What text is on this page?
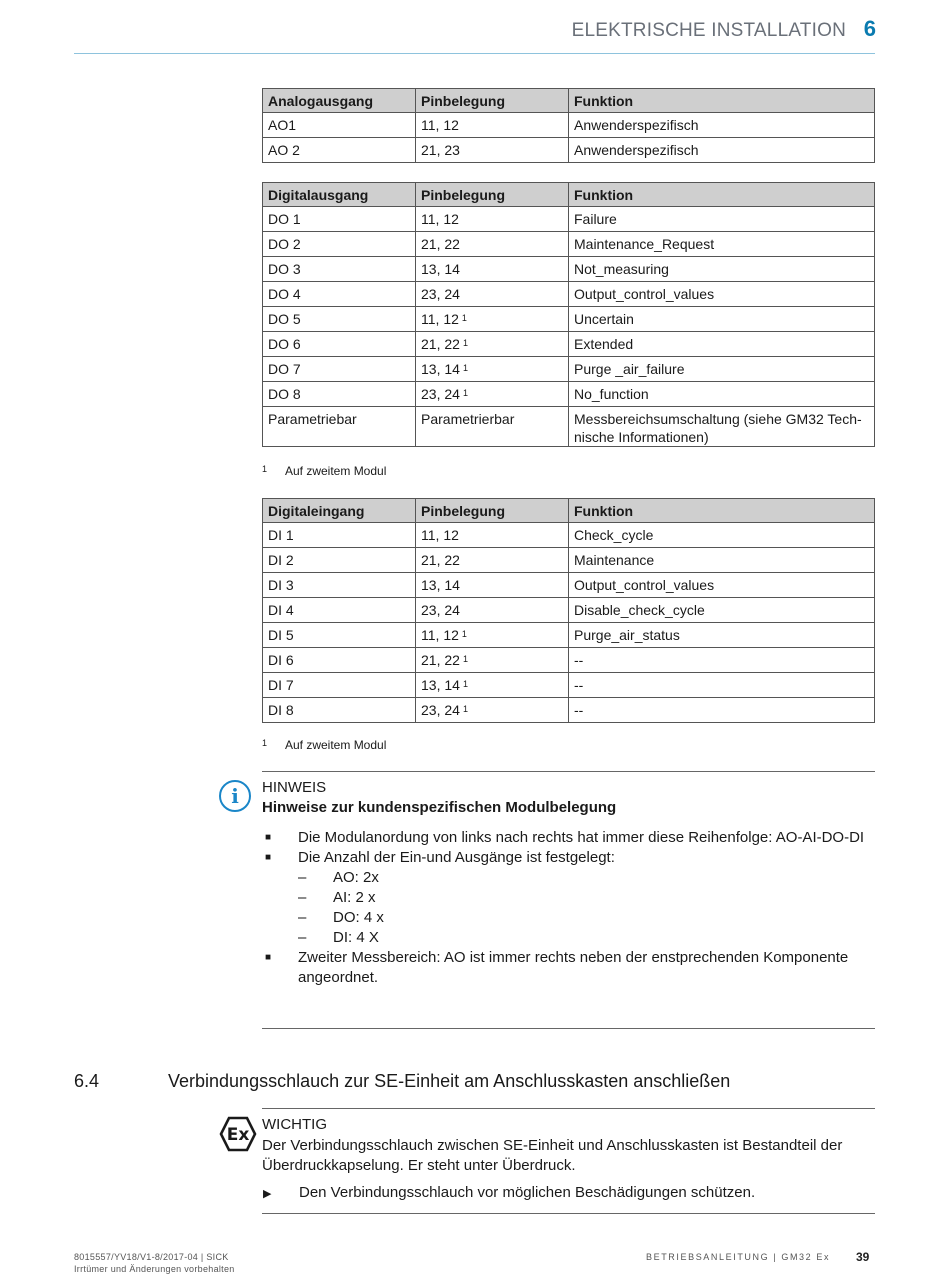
ELEKTRISCHE INSTALLATION 6
Analogausgang	Pinbelegung	Funktion
AO1	11, 12	Anwenderspezifisch
AO 2	21, 23	Anwenderspezifisch
Digitalausgang	Pinbelegung	Funktion
DO 1	11, 12	Failure
DO 2	21, 22	Maintenance_Request
DO 3	13, 14	Not_measuring
DO 4	23, 24	Output_control_values
DO 5	11, 12 $^1$	Uncertain
DO 6	21, 22 $^1$	Extended
DO 7	13, 14 $^1$	Purge _air_failure
DO 8	23, 24 $^1$	No_function
Parametriebar	Parametrierbar	Messbereichsumschaltung (siehe GM32 Tech-nische Informationen)
1 Auf zweitem Modul
Digitaleingang	Pinbelegung	Funktion
DI 1	11, 12	Check_cycle
DI 2	21, 22	Maintenance
DI 3	13, 14	Output_control_values
DI 4	23, 24	Disable_check_cycle
DI 5	11, 12 $^1$	Purge_air_status
DI 6	21, 22 $^1$	--
DI 7	13, 14 $^1$	--
DI 8	23, 24 $^1$	--
1 Auf zweitem Modul
i	HINWEIS
Hinweise zur kundenspezifischen Modulbelegung
■ Die Modulanordung von links nach rechts hat immer diese Reihenfolge: AO-AI-DO-DI
■ Die Anzahl der Ein-und Ausgänge ist festgelegt:
– AO: 2x
– AI: 2 x
– DO: 4 x
– DI: 4 X
■ Zweiter Messbereich: AO ist immer rechts neben der enstprechenden Komponente angeordnet.
6.4	Verbindungsschlauch zur SE-Einheit am Anschlusskasten anschließen
Ex
WICHTIG
Der Verbindungsschlauch zwischen SE-Einheit und Anschlusskasten ist Bestandteil der Überdruckkapselung. Er steht unter Überdruck.
▶ Den Verbindungsschlauch vor möglichen Beschädigungen schützen.
8015557/YV18/V1-8/2017-04 | SICK
Irrtümer und Änderungen vorbehalten
BETRIEBSANLEITUNG | GM32 Ex 39
